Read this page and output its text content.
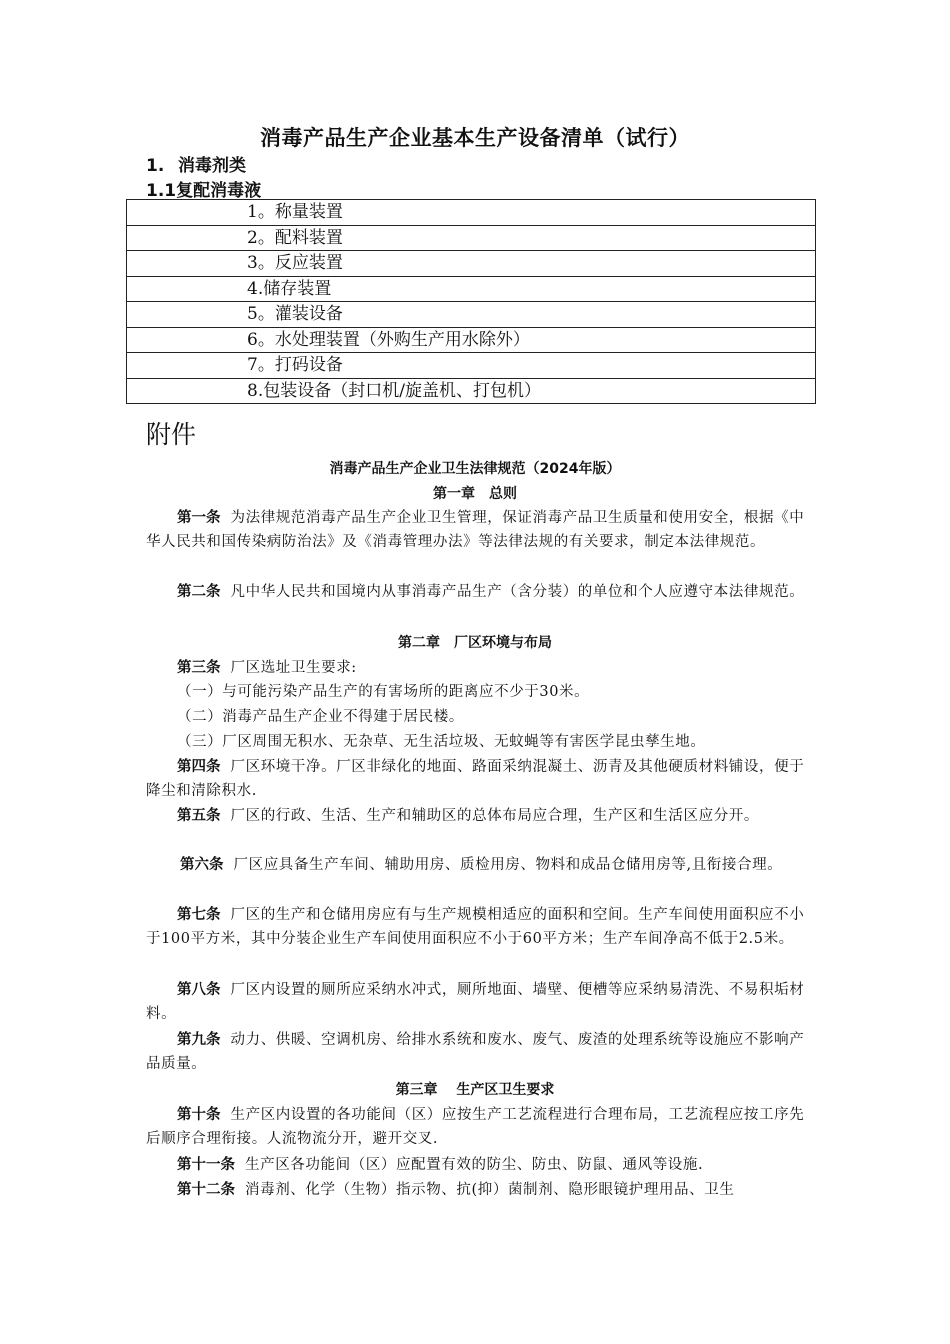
消毒产品生产企业基本生产设备清单（试行）
1. 消毒剂类
1.1复配消毒液
1。称量装置
2。配料装置
3。反应装置
4.储存装置
5。灌装设备
6。水处理装置（外购生产用水除外）
7。打码设备
8.包装设备（封口机/旋盖机、打包机）
附件
消毒产品生产企业卫生法律规范（2024年版）
第一章　总则
第一条 为法律规范消毒产品生产企业卫生管理，保证消毒产品卫生质量和使用安全，根据《中华人民共和国传染病防治法》及《消毒管理办法》等法律法规的有关要求，制定本法律规范。
第二条 凡中华人民共和国境内从事消毒产品生产（含分装）的单位和个人应遵守本法律规范。
第二章　厂区环境与布局
第三条 厂区选址卫生要求:
（一）与可能污染产品生产的有害场所的距离应不少于30米。
（二）消毒产品生产企业不得建于居民楼。
（三）厂区周围无积水、无杂草、无生活垃圾、无蚊蝇等有害医学昆虫孳生地。
第四条 厂区环境干净。厂区非绿化的地面、路面采纳混凝土、沥青及其他硬质材料铺设，便于降尘和清除积水.
第五条 厂区的行政、生活、生产和辅助区的总体布局应合理，生产区和生活区应分开。
第六条 厂区应具备生产车间、辅助用房、质检用房、物料和成品仓储用房等,且衔接合理。
第七条 厂区的生产和仓储用房应有与生产规模相适应的面积和空间。生产车间使用面积应不小于100平方米，其中分装企业生产车间使用面积应不小于60平方米；生产车间净高不低于2.5米。
第八条 厂区内设置的厕所应采纳水冲式，厕所地面、墙壁、便槽等应采纳易清洗、不易积垢材料。
第九条 动力、供暖、空调机房、给排水系统和废水、废气、废渣的处理系统等设施应不影响产品质量。
第三章　 生产区卫生要求
第十条 生产区内设置的各功能间（区）应按生产工艺流程进行合理布局，工艺流程应按工序先后顺序合理衔接。人流物流分开，避开交叉.
第十一条 生产区各功能间（区）应配置有效的防尘、防虫、防鼠、通风等设施.
第十二条 消毒剂、化学（生物）指示物、抗(抑）菌制剂、隐形眼镜护理用品、卫生
